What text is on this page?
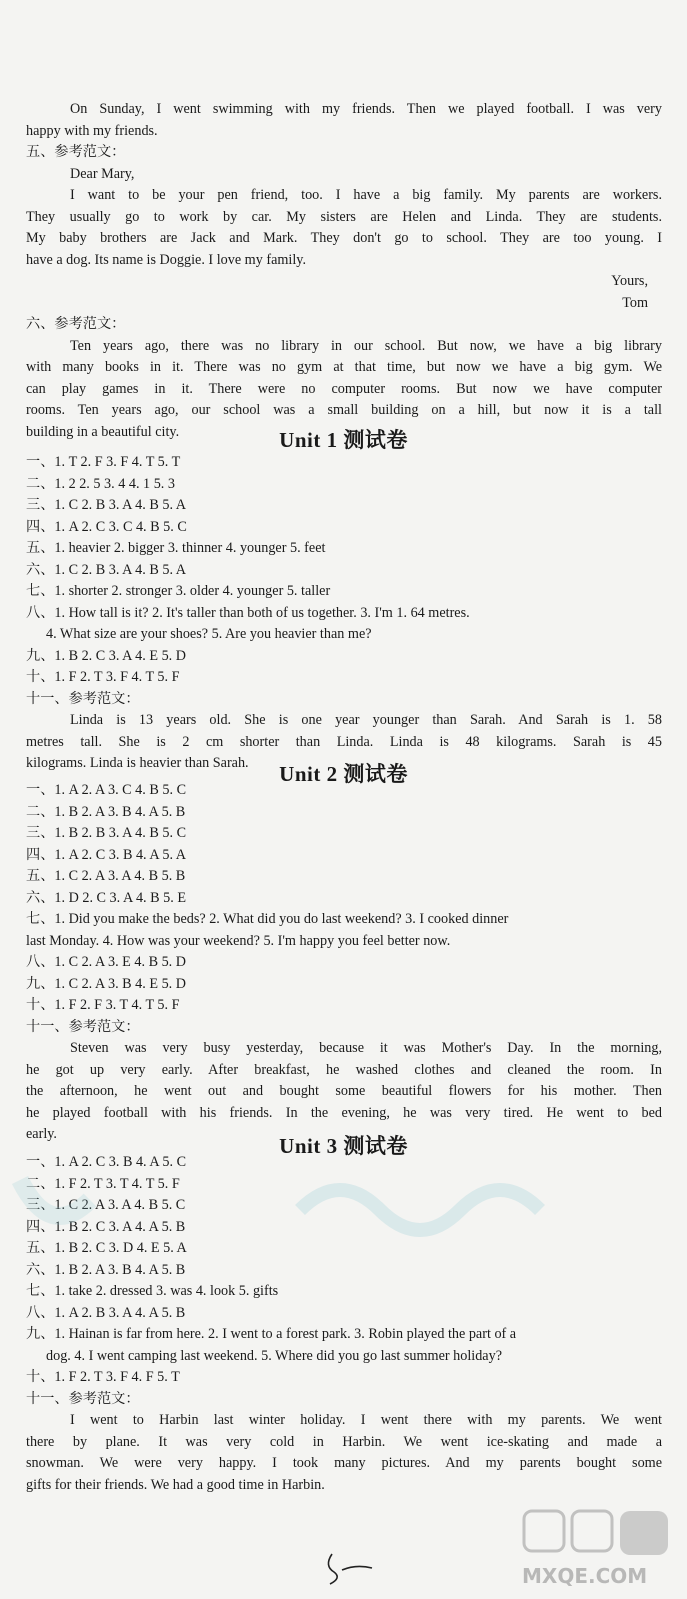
On Sunday, I went swimming with my friends. Then we played football. I was very
happy with my friends.
五、参考范文：
Dear Mary,
I want to be your pen friend, too. I have a big family. My parents are workers.
They usually go to work by car. My sisters are Helen and Linda. They are students.
My baby brothers are Jack and Mark. They don't go to school. They are too young. I
have a dog. Its name is Doggie. I love my family.
Yours,
Tom
六、参考范文：
Ten years ago, there was no library in our school. But now, we have a big library
with many books in it. There was no gym at that time, but now we have a big gym. We
can play games in it. There were no computer rooms. But now we have computer
rooms. Ten years ago, our school was a small building on a hill, but now it is a tall
building in a beautiful city.	Unit 1 测试卷
一、1. T 2. F 3. F 4. T 5. T
二、1. 2 2. 5 3. 4 4. 1 5. 3
三、1. C 2. B 3. A 4. B 5. A
四、1. A 2. C 3. C 4. B 5. C
五、1. heavier 2. bigger 3. thinner 4. younger 5. feet
六、1. C 2. B 3. A 4. B 5. A
七、1. shorter 2. stronger 3. older 4. younger 5. taller
八、1. How tall is it? 2. It's taller than both of us together. 3. I'm 1. 64 metres.
4. What size are your shoes? 5. Are you heavier than me?
九、1. B 2. C 3. A 4. E 5. D
十、1. F 2. T 3. F 4. T 5. F
十一、参考范文：
Linda is 13 years old. She is one year younger than Sarah. And Sarah is 1. 58
metres tall. She is 2 cm shorter than Linda. Linda is 48 kilograms. Sarah is 45
kilograms. Linda is heavier than Sarah.	Unit 2 测试卷
一、1. A 2. A 3. C 4. B 5. C
二、1. B 2. A 3. B 4. A 5. B
三、1. B 2. B 3. A 4. B 5. C
四、1. A 2. C 3. B 4. A 5. A
五、1. C 2. A 3. A 4. B 5. B
六、1. D 2. C 3. A 4. B 5. E
七、1. Did you make the beds? 2. What did you do last weekend? 3. I cooked dinner
last Monday. 4. How was your weekend? 5. I'm happy you feel better now.
八、1. C 2. A 3. E 4. B 5. D
九、1. C 2. A 3. B 4. E 5. D
十、1. F 2. F 3. T 4. T 5. F
十一、参考范文：
Steven was very busy yesterday, because it was Mother's Day. In the morning,
he got up very early. After breakfast, he washed clothes and cleaned the room. In
the afternoon, he went out and bought some beautiful flowers for his mother. Then
he played football with his friends. In the evening, he was very tired. He went to bed
early.	Unit 3 测试卷
一、1. A 2. C 3. B 4. A 5. C
二、1. F 2. T 3. T 4. T 5. F
三、1. C 2. A 3. A 4. B 5. C
四、1. B 2. C 3. A 4. A 5. B
五、1. B 2. C 3. D 4. E 5. A
六、1. B 2. A 3. B 4. A 5. B
七、1. take 2. dressed 3. was 4. look 5. gifts
八、1. A 2. B 3. A 4. A 5. B
九、1. Hainan is far from here. 2. I went to a forest park. 3. Robin played the part of a
dog. 4. I went camping last weekend. 5. Where did you go last summer holiday?
十、1. F 2. T 3. F 4. F 5. T
十一、参考范文：
I went to Harbin last winter holiday. I went there with my parents. We went
there by plane. It was very cold in Harbin. We went ice-skating and made a
snowman. We were very happy. I took many pictures. And my parents bought some
gifts for their friends. We had a good time in Harbin.
MXQE.COM
